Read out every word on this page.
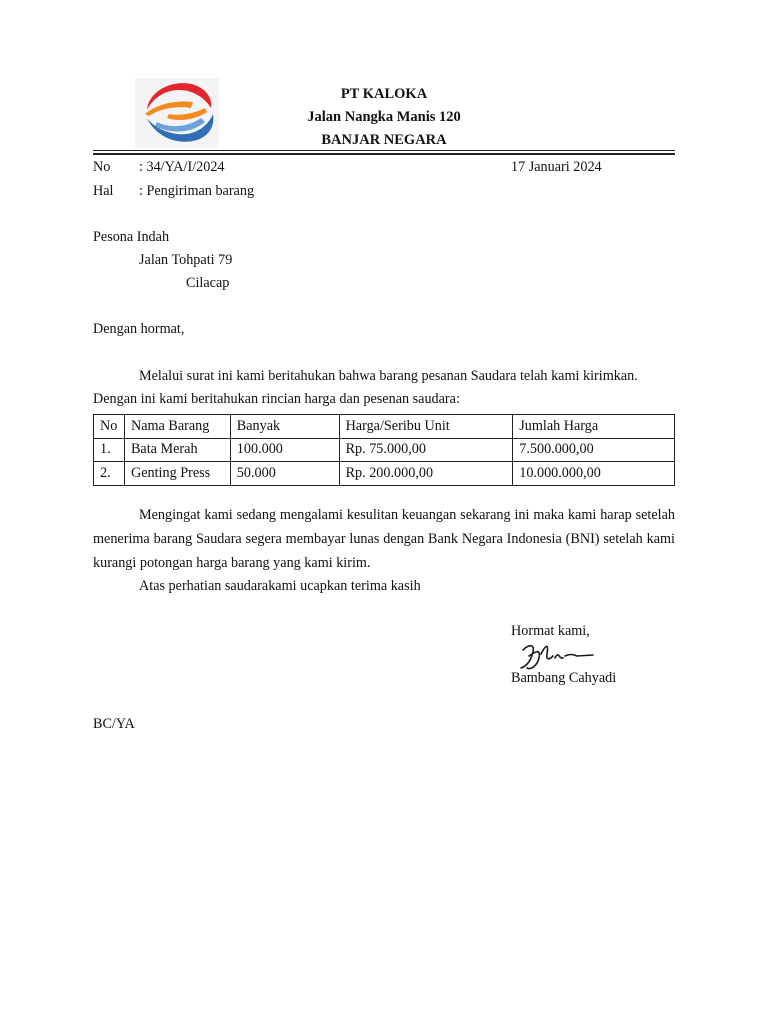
PT KALOKA
Jalan Nangka Manis 120
BANJAR NEGARA
No : 34/YA/I/2024	17 Januari 2024
Hal : Pengiriman barang
Pesona Indah
Jalan Tohpati 79
Cilacap
Dengan hormat,
Melalui surat ini kami beritahukan bahwa barang pesanan Saudara telah kami kirimkan.
Dengan ini kami beritahukan rincian harga dan pesenan saudara:
No	Nama Barang	Banyak	Harga/Seribu Unit	Jumlah Harga
1.	Bata Merah	100.000	Rp. 75.000,00	7.500.000,00
2.	Genting Press	50.000	Rp. 200.000,00	10.000.000,00
Mengingat kami sedang mengalami kesulitan keuangan sekarang ini maka kami harap setelah
menerima barang Saudara segera membayar lunas dengan Bank Negara Indonesia (BNI) setelah kami
kurangi potongan harga barang yang kami kirim.
Atas perhatian saudarakami ucapkan terima kasih
Hormat kami,
Bambang Cahyadi
BC/YA
